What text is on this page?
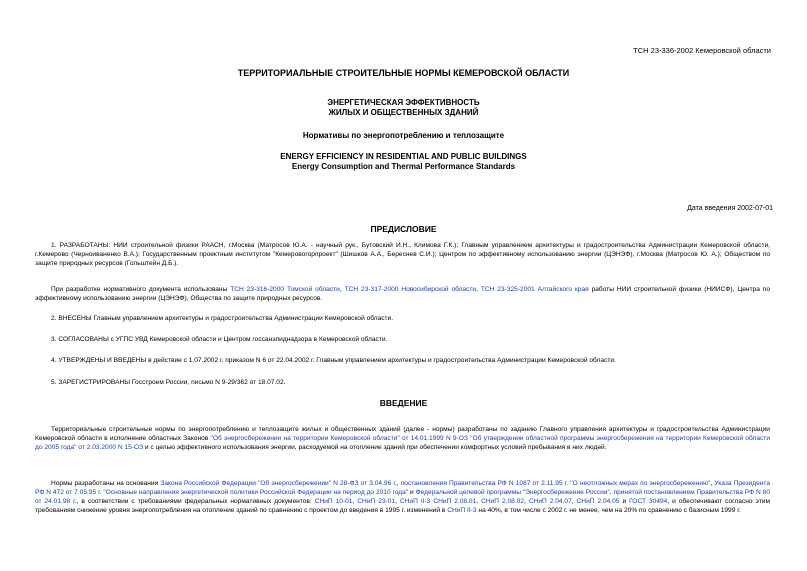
ТСН 23-336-2002 Кемеровской области
ТЕРРИТОРИАЛЬНЫЕ СТРОИТЕЛЬНЫЕ НОРМЫ КЕМЕРОВСКОЙ ОБЛАСТИ
ЭНЕРГЕТИЧЕСКАЯ ЭФФЕКТИВНОСТЬ
ЖИЛЫХ И ОБЩЕСТВЕННЫХ ЗДАНИЙ
Нормативы по энергопотреблению и теплозащите
ENERGY EFFICIENCY IN RESIDENTIAL AND PUBLIC BUILDINGS
Energy Consumption and Thermal Performance Standards
Дата введения 2002-07-01
ПРЕДИСЛОВИЕ
1. РАЗРАБОТАНЫ: НИИ строительной физики РААСН, г.Москва (Матросов Ю.А. - научный рук., Бутовский И.Н., Климова Г.К.); Главным управлением архитектуры и градостроительства Администрации Кемеровской области, г.Кемерово (Черноиваненко В.А.); Государственным проектным институтом "Кемеровогорпроект" (Шишков А.А., Береснев С.И.); Центром по эффективному использованию энергии (ЦЭНЭФ), г.Москва (Матросов Ю. А.); Обществом по защите природных ресурсов (Гольштейн Д.Б.).
При разработке нормативного документа использованы ТСН 23-316-2000 Томской области, ТСН 23-317-2000 Новосибирской области, ТСН 23-325-2001 Алтайского края работы НИИ строительной физики (НИИСФ), Центра по эффективному использованию энергии (ЦЭНЭФ), Общества по защите природных ресурсов.
2. ВНЕСЕНЫ Главным управлением архитектуры и градостроительства Администрации Кемеровской области.
3. СОГЛАСОВАНЫ с УГПС УВД Кемеровской области и Центром госсанэпиднадзора в Кемеровской области.
4. УТВЕРЖДЕНЫ И ВВЕДЕНЫ в действие с 1.07.2002 г. приказом N 6 от 22.04.2002 г. Главным управлением архитектуры и градостроительства Администрации Кемеровской области.
5. ЗАРЕГИСТРИРОВАНЫ Госстроем России, письмо N 9-29/362 от 18.07.02.
ВВЕДЕНИЕ
Территориальные строительные нормы по энергопотреблению и теплозащите жилых и общественных зданий (далее - нормы) разработаны по заданию Главного управления архитектуры и градостроительства Администрации Кемеровской области в исполнение областных Законов "Об энергосбережении на территории Кемеровской области" от 14.01.1999 N 9-ОЗ "Об утверждении областной программы энергосбережения на территории Кемеровской области до 2005 года" от 2.03.2000 N 15-ОЗ и с целью эффективного использования энергии, расходуемой на отопление зданий при обеспечении комфортных условий пребывания в них людей.
Нормы разработаны на основании Закона Российской Федерации "Об энергосбережении" N 28-ФЗ от 3.04.96 г., постановления Правительства РФ N 1087 от 2.11.95 г. "О неотложных мерах по энергосбережению", Указа Президента РФ N 472 от 7.05.95 г. "Основные направления энергетической политики Российской Федерации на период до 2010 года" и Федеральной целевой программы "Энергосбережение России", принятой постановлением Правительства РФ N 80 от 24.01.98 г., в соответствии с требованиями федеральных нормативных документов: СНиП 10-01, СНиП 23-01, СНиП II-3 СНиП 2.08.01, СНиП 2.08.02, СНиП 2.04.07, СНиП 2.04.05 и ГОСТ 30494, и обеспечивают согласно этим требованиям снижение уровня энергопотребления на отопление зданий по сравнению с проектом до введения в 1995 г. изменений в СНиП II-3 на 40%, в том числе с 2002 г. не менее, чем на 20% по сравнению с базисным 1999 г.
